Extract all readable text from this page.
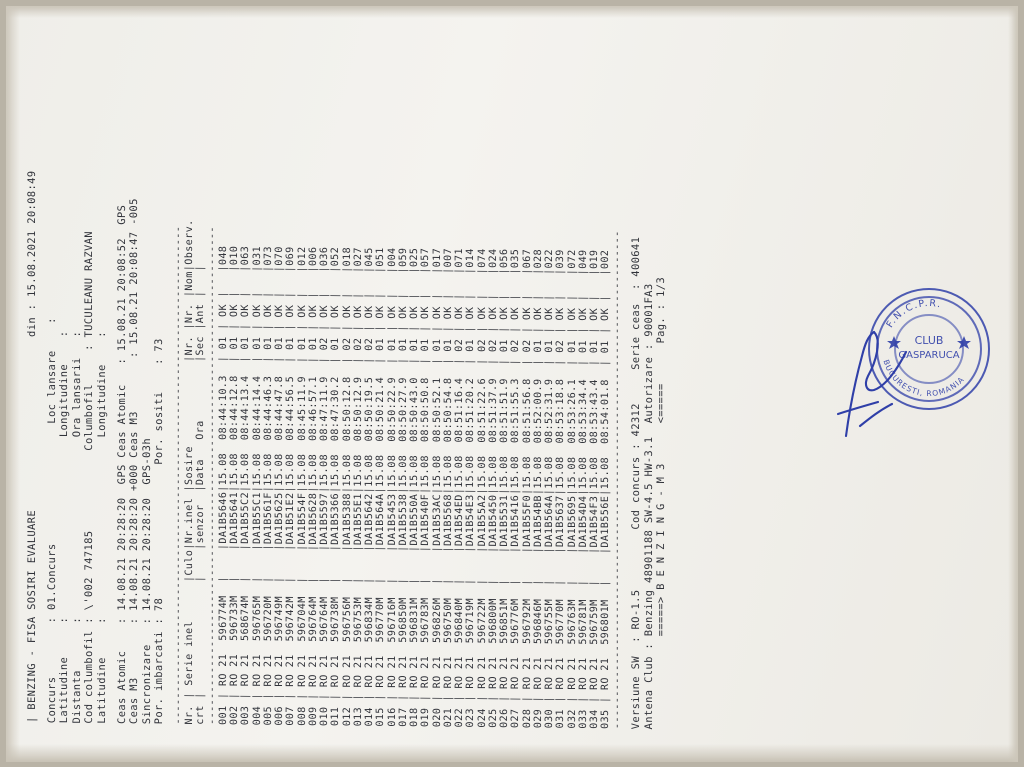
| BENZING - FISA SOSIRI EVALUARE                          din : 15.08.2021 20:08:49
Concurs        : 01.Concurs                  Loc lansare    : Latitudine     :                           Longitudine    : Distanta       :                           Ora lansarii   : Cod columbofil : \'002 747185            Columbofil     : TUCULEANU RAZVAN
Latitudine     :                           Longitudine    : Ceas Atomic    : 14.08.21 20:28:20  GPS Ceas Atomic   : 15.08.21 20:08:52  GPS
Ceas M3        : 14.08.21 20:28:20 +000 Ceas M3        : 15.08.21 20:08:47 -005
Sincronizare   : 14.08.21 20:28:20  GPS-03h
Por. imbarcati : 78                    Por. sositi    : 73 ----------------------------------------------------------------------------- Nr. | Serie inel      |Culo|Nr.inel |Sosire             |Nr. |Nr. |Nom|Observ. crt |                 |    |senzor  |Data   Ora         |Sec |Ant |   | ----------------------------------------------------------------------------- 001 | RO 21  596774M  |    |DA1B5646|15.08  08:44:10.3  | 01 | OK |   |048 002 | RO 21  596733M  |    |DA1B5641|15.08  08:44:12.8  | 01 | OK |   |010 003 | RO 21  568674M  |    |DA1B55C2|15.08  08:44:13.4  | 01 | OK |   |063 004 | RO 21  596765M  |    |DA1B55C1|15.08  08:44:14.4  | 01 | OK |   |031 005 | RO 21  596720M  |    |DA1B561F|15.08  08:44:46.3  | 01 | OK |   |073 006 | RO 21  596749M  |    |DA1B5625|15.08  08:44:47.8  | 01 | OK |   |070 007 | RO 21  596742M  |    |DA1B51E2|15.08  08:44:56.5  | 01 | OK |   |069 008 | RO 21  596704M  |    |DA1B554F|15.08  08:45:11.9  | 01 | OK |   |012 009 | RO 21  596764M  |    |DA1B5628|15.08  08:46:57.1  | 01 | OK |   |006 010 | RO 21  596764M  |    |DA1B5597|15.08  08:47:11.9  | 02 | OK |   |036 011 | RO 21  596738M  |    |DA1B5366|15.08  08:47:30.2  | 01 | OK |   |052 012 | RO 21  596756M  |    |DA1B5388|15.08  08:50:12.8  | 02 | OK |   |018 013 | RO 21  596753M  |    |DA1B55E1|15.08  08:50:12.9  | 02 | OK |   |027 014 | RO 21  596834M  |    |DA1B5642|15.08  08:50:19.5  | 02 | OK |   |045 015 | RO 21  596770M  |    |DA1B564A|15.08  08:50:21.4  | 01 | OK |   |051 016 | RO 21  596716M  |    |DA1B5453|15.08  08:50:22.9  | 01 | OK |   |004 017 | RO 21  596850M  |    |DA1B5538|15.08  08:50:27.9  | 01 | OK |   |059 018 | RO 21  596831M  |    |DA1B550A|15.08  08:50:43.0  | 01 | OK |   |025 019 | RO 21  596783M  |    |DA1B540F|15.08  08:50:50.8  | 01 | OK |   |057 020 | RO 21  596826M  |    |DA1B53AC|15.08  08:50:52.1  | 01 | OK |   |017 021 | RO 21  596750M  |    |DA1B5568|15.08  08:50:54.8  | 01 | OK |   |007 022 | RO 21  596840M  |    |DA1B54ED|15.08  08:51:16.4  | 02 | OK |   |071 023 | RO 21  596719M  |    |DA1B54E3|15.08  08:51:20.2  | 01 | OK |   |014 024 | RO 21  596722M  |    |DA1B55A2|15.08  08:51:22.6  | 02 | OK |   |074 025 | RO 21  596800M  |    |DA1B5450|15.08  08:51:37.9  | 02 | OK |   |024 026 | RO 21  596851M  |    |DA1B5531|15.08  08:51:51.9  | 01 | OK |   |056 027 | RO 21  596776M  |    |DA1B5416|15.08  08:51:55.3  | 02 | OK |   |035 028 | RO 21  596792M  |    |DA1B55F0|15.08  08:51:56.8  | 02 | OK |   |067 029 | RO 21  596846M  |    |DA1B54BB|15.08  08:52:00.9  | 01 | OK |   |028 030 | RO 21  596755M  |    |DA1B564A|15.08  08:52:31.9  | 01 | OK |   |022 031 | RO 21  596770M  |    |DA1B5637|15.08  08:53:18.8  | 02 | OK |   |039 032 | RO 21  596763M  |    |DA1B5695|15.08  08:53:26.1  | 01 | OK |   |072 033 | RO 21  596781M  |    |DA1B54D4|15.08  08:53:34.4  | 01 | OK |   |049 034 | RO 21  596759M  |    |DA1B54F3|15.08  08:53:43.4  | 01 | OK |   |019 035 | RO 21  596801M  |    |DA1B556E|15.08  08:54:01.8  | 01 | OK |   |002 ----------------------------------------------------------------------------- Versiune SW  : RO-1.5         Cod concurs : 42312     Serie ceas  : 400641
Antena Club : Benzing 48901188 SW-4.5 HW-3.1  Autorizare : 90001FA3
=====> B E N Z I N G - M 3      <=====      Pag. : 1/3
F.N.C.P.R.
BUCURESTI, ROMANIA
CLUB
GASPARUCA
